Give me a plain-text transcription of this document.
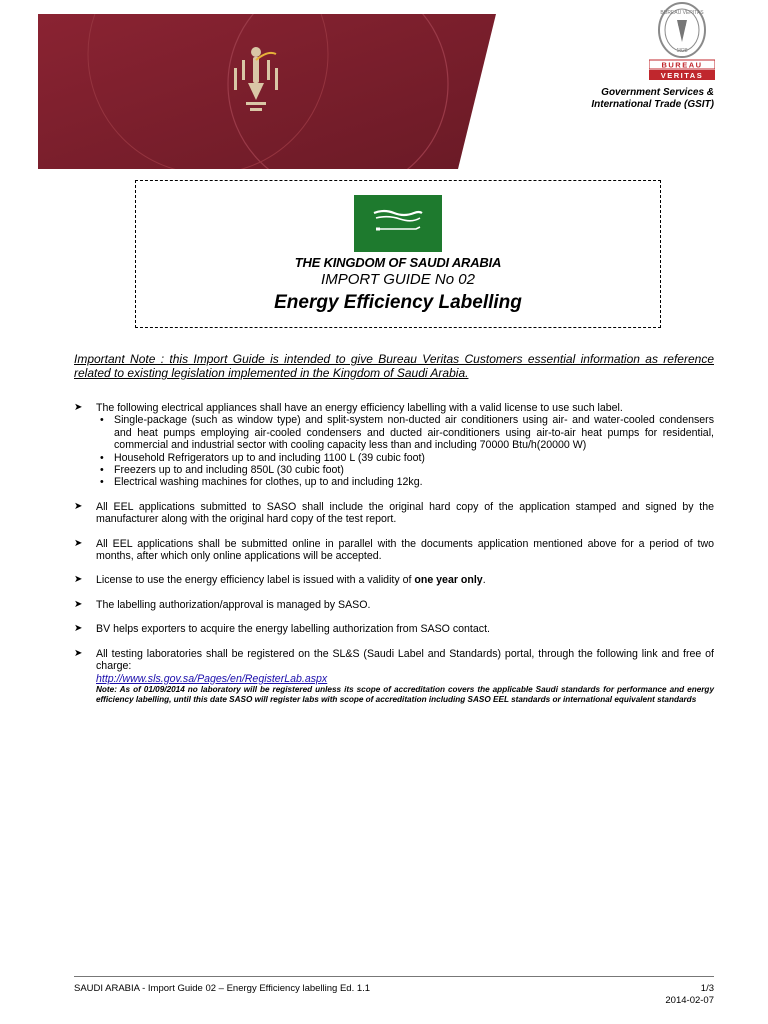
BUREAU VERITAS
1828
BUREAU
VERITAS
Government Services &
International Trade (GSIT)
THE KINGDOM OF SAUDI ARABIA
IMPORT GUIDE No 02
Energy Efficiency Labelling
Important Note : this Import Guide is intended to give Bureau Veritas Customers essential information as reference related to existing legislation implemented in the Kingdom of Saudi Arabia.
➤ The following electrical appliances shall have an energy efficiency labelling with a valid license to use such label.
• Single-package (such as window type) and split-system non-ducted air conditioners using air- and water-cooled condensers and heat pumps employing air-cooled condensers and ducted air-conditioners using air-to-air heat pumps for residential, commercial and industrial sector with cooling capacity less than and including 70000 Btu/h(20000 W)
• Household Refrigerators up to and including 1100 L (39 cubic foot)
• Freezers up to and including 850L (30 cubic foot)
• Electrical washing machines for clothes, up to and including 12kg.
➤ All EEL applications submitted to SASO shall include the original hard copy of the application stamped and signed by the manufacturer along with the original hard copy of the test report.
➤ All EEL applications shall be submitted online in parallel with the documents application mentioned above for a period of two months, after which only online applications will be accepted.
➤ License to use the energy efficiency label is issued with a validity of one year only.
➤ The labelling authorization/approval is managed by SASO.
➤ BV helps exporters to acquire the energy labelling authorization from SASO contact.
➤ All testing laboratories shall be registered on the SL&S (Saudi Label and Standards) portal, through the following link and free of charge:
http://www.sls.gov.sa/Pages/en/RegisterLab.aspx
Note: As of 01/09/2014 no laboratory will be registered unless its scope of accreditation covers the applicable Saudi standards for performance and energy efficiency labelling, until this date SASO will register labs with scope of accreditation including SASO EEL standards or international equivalent standards
SAUDI ARABIA - Import Guide 02 – Energy Efficiency labelling Ed. 1.1	1/3
2014-02-07
